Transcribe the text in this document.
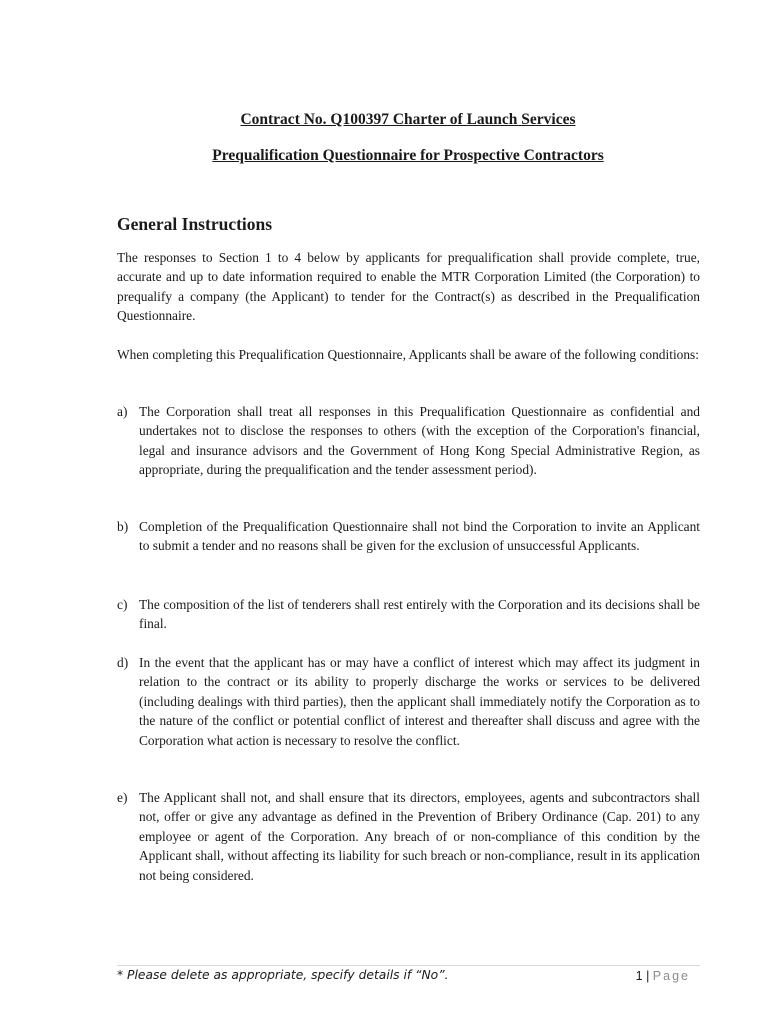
Contract No. Q100397 Charter of Launch Services
Prequalification Questionnaire for Prospective Contractors
General Instructions
The responses to Section 1 to 4 below by applicants for prequalification shall provide complete, true, accurate and up to date information required to enable the MTR Corporation Limited (the Corporation) to prequalify a company (the Applicant) to tender for the Contract(s) as described in the Prequalification Questionnaire.
When completing this Prequalification Questionnaire, Applicants shall be aware of the following conditions:
a) The Corporation shall treat all responses in this Prequalification Questionnaire as confidential and undertakes not to disclose the responses to others (with the exception of the Corporation's financial, legal and insurance advisors and the Government of Hong Kong Special Administrative Region, as appropriate, during the prequalification and the tender assessment period).
b) Completion of the Prequalification Questionnaire shall not bind the Corporation to invite an Applicant to submit a tender and no reasons shall be given for the exclusion of unsuccessful Applicants.
c) The composition of the list of tenderers shall rest entirely with the Corporation and its decisions shall be final.
d) In the event that the applicant has or may have a conflict of interest which may affect its judgment in relation to the contract or its ability to properly discharge the works or services to be delivered (including dealings with third parties), then the applicant shall immediately notify the Corporation as to the nature of the conflict or potential conflict of interest and thereafter shall discuss and agree with the Corporation what action is necessary to resolve the conflict.
e) The Applicant shall not, and shall ensure that its directors, employees, agents and subcontractors shall not, offer or give any advantage as defined in the Prevention of Bribery Ordinance (Cap. 201) to any employee or agent of the Corporation. Any breach of or non-compliance of this condition by the Applicant shall, without affecting its liability for such breach or non-compliance, result in its application not being considered.
* Please delete as appropriate, specify details if “No”.	1 | Page
